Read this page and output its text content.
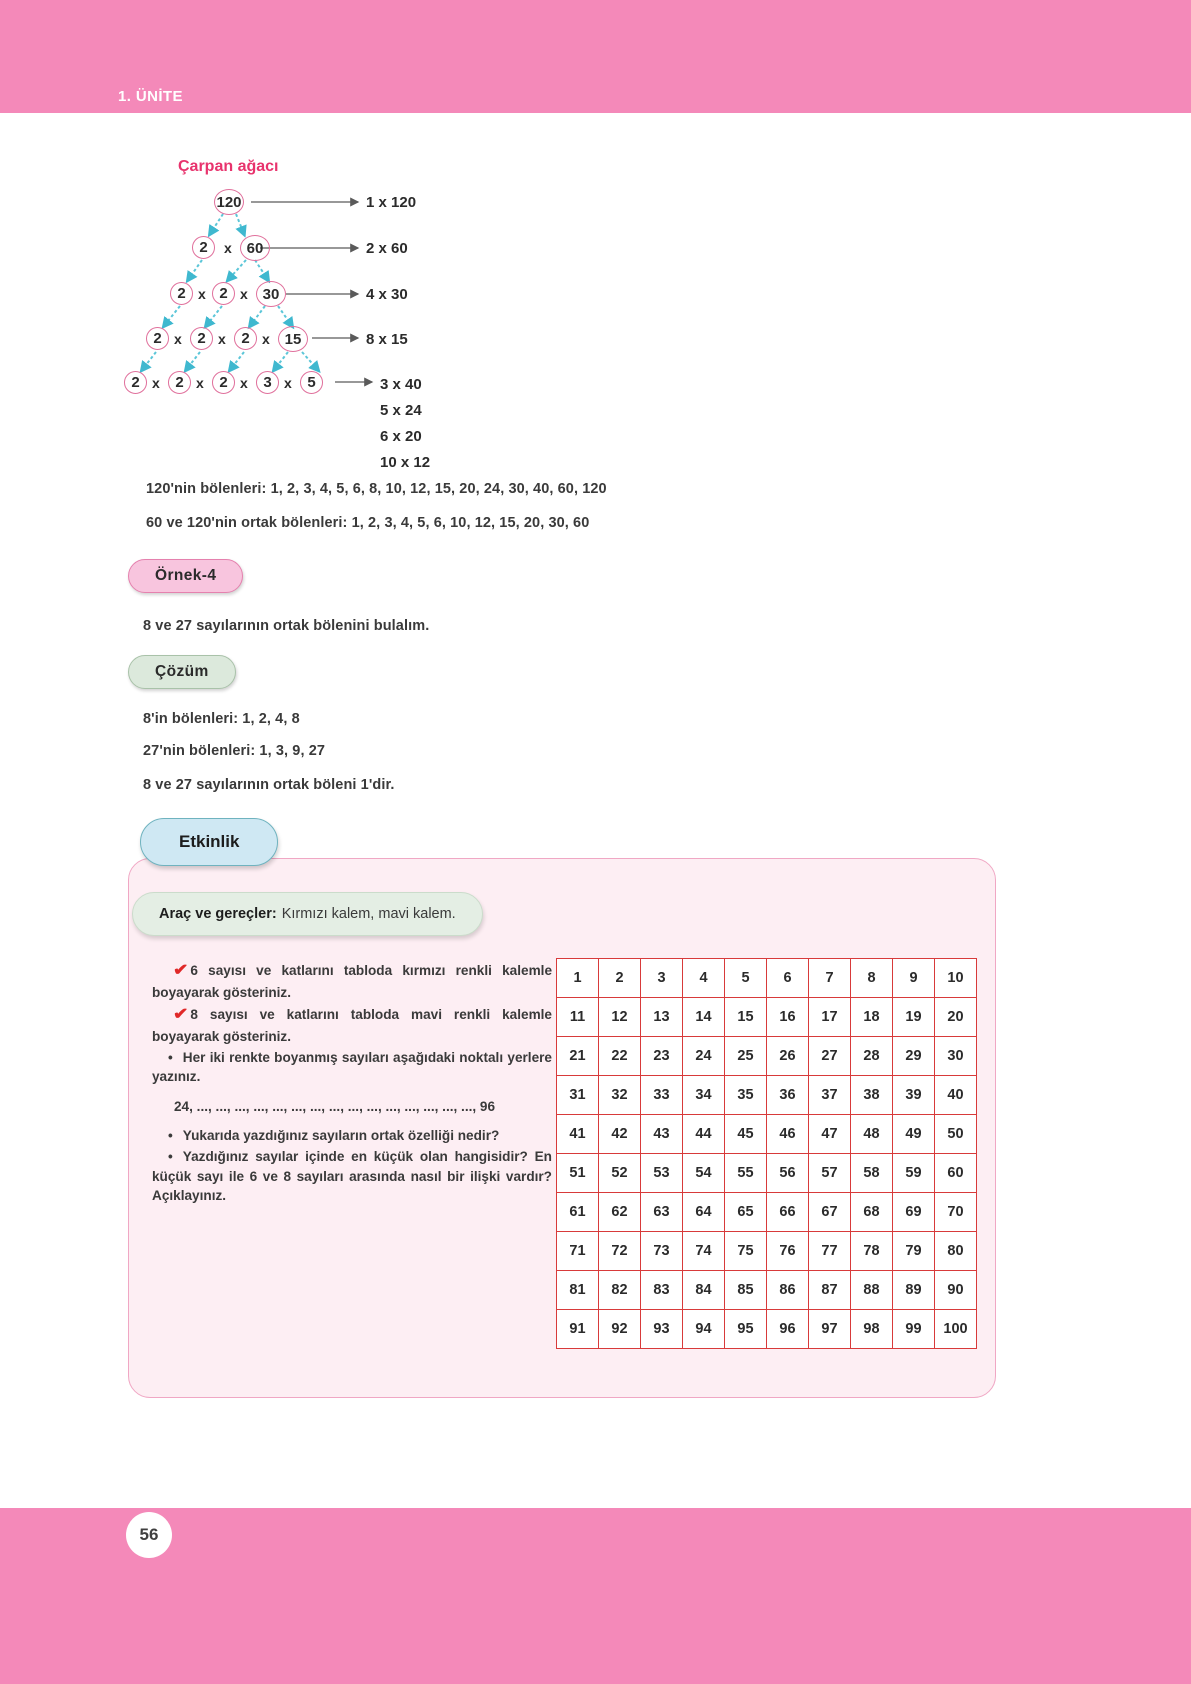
1. ÜNİTE
Çarpan ağacı
120	1 x 120
2	x 60	2 x 60
2 x 2 x 30	4 x 30
2 x	2 x	2 x 15	8 x 15
2 x	2 x	2 x	3 x	5	3 x 40
5 x 24
6 x 20
10 x 12
120'nin bölenleri: 1, 2, 3, 4, 5, 6, 8, 10, 12, 15, 20, 24, 30, 40, 60, 120
60 ve 120'nin ortak bölenleri: 1, 2, 3, 4, 5, 6, 10, 12, 15, 20, 30, 60
Örnek-4
8 ve 27 sayılarının ortak bölenini bulalım.
Çözüm
8'in bölenleri: 1, 2, 4, 8
27'nin bölenleri: 1, 3, 9, 27
8 ve 27 sayılarının ortak böleni 1'dir.
Etkinlik
Araç ve gereçler: Kırmızı kalem, mavi kalem.

✔ 6 sayısı ve katlarını tabloda kırmızı renkli kalemle boyayarak gösteriniz.

✔ 8 sayısı ve katlarını tabloda mavi renkli kalemle boyayarak gösteriniz.

• Her iki renkte boyanmış sayıları aşağıdaki noktalı yerlere yazınız.

24, ..., ..., ..., ..., ..., ..., ..., ..., ..., ..., ..., ..., ..., ..., ..., 96

• Yukarıda yazdığınız sayıların ortak özelliği nedir?

• Yazdığınız sayılar içinde en küçük olan hangisidir? En küçük sayı ile 6 ve 8 sayıları arasında nasıl bir ilişki vardır? Açıklayınız.

1	2	3	4	5	6	7	8	9	10
11	12	13	14	15	16	17	18	19	20
21	22	23	24	25	26	27	28	29	30
31	32	33	34	35	36	37	38	39	40
41	42	43	44	45	46	47	48	49	50
51	52	53	54	55	56	57	58	59	60
61	62	63	64	65	66	67	68	69	70
71	72	73	74	75	76	77	78	79	80
81	82	83	84	85	86	87	88	89	90
91	92	93	94	95	96	97	98	99	100
56
